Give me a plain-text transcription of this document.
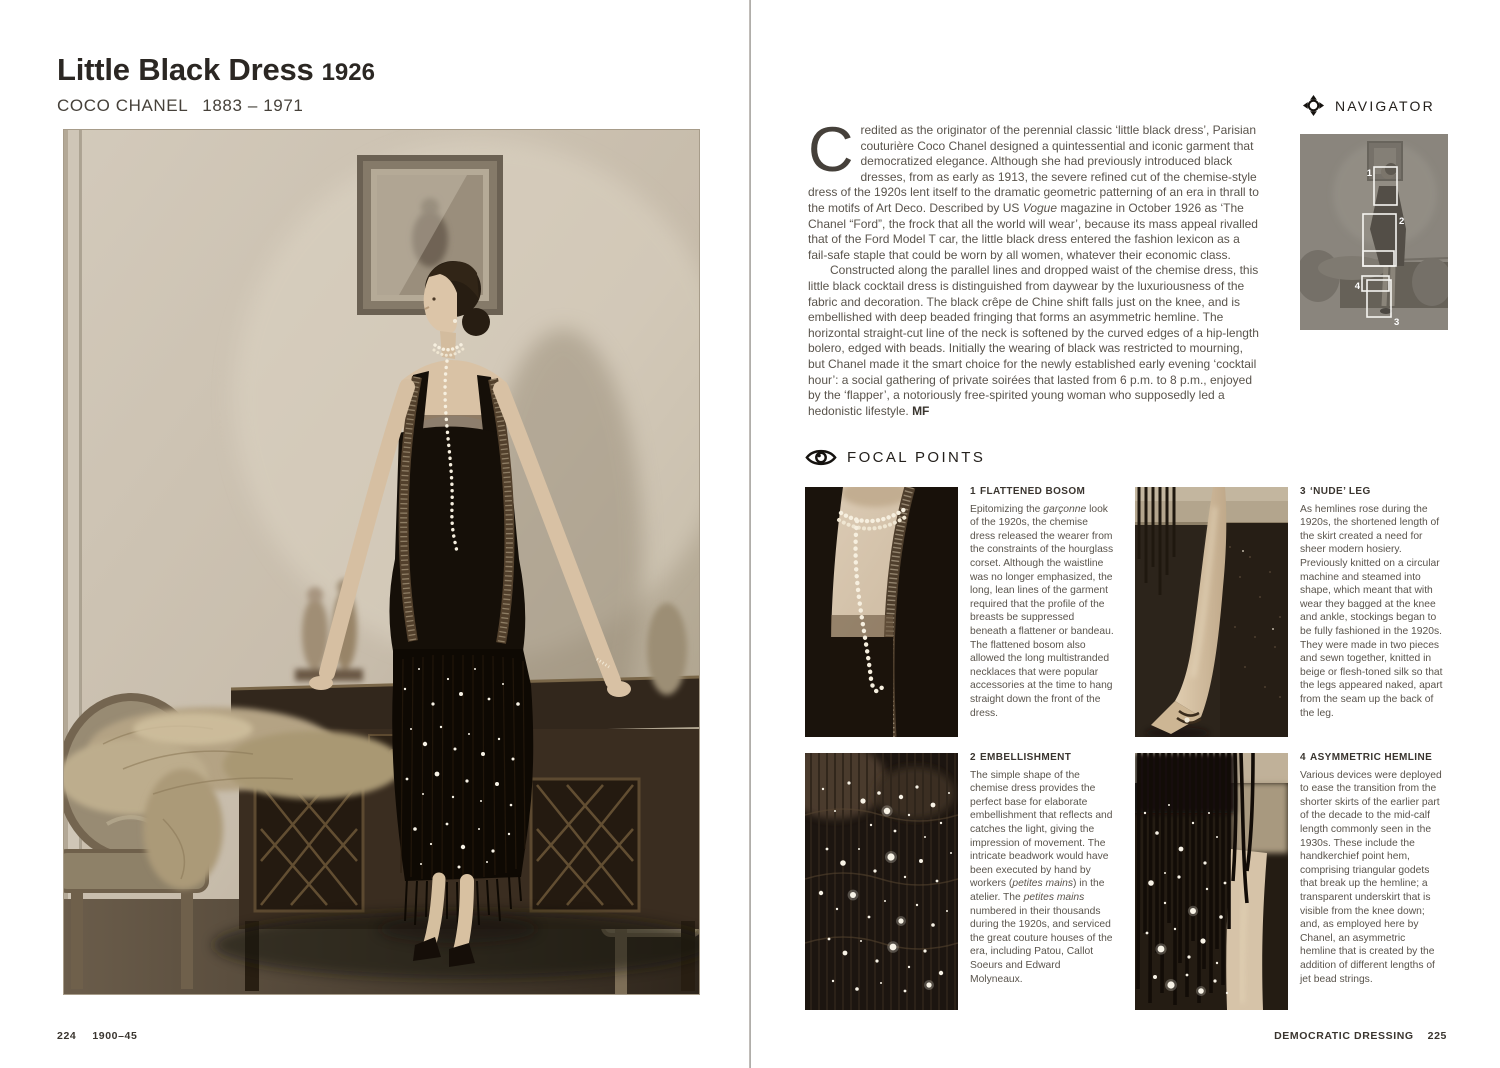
Little Black Dress 1926
COCO CHANEL 1883 – 1971
224 1900–45
NAVIGATOR
1
2
4
3
C redited as the originator of the perennial classic ‘little black dress’, Parisian couturière Coco Chanel designed a quintessential and iconic garment that democratized elegance. Although she had previously introduced black dresses, from as early as 1913, the severe refined cut of the chemise-style dress of the 1920s lent itself to the dramatic geometric patterning of an era in thrall to the motifs of Art Deco. Described by US Vogue magazine in October 1926 as ‘The Chanel “Ford”, the frock that all the world will wear’, because its mass appeal rivalled that of the Ford Model T car, the little black dress entered the fashion lexicon as a fail-safe staple that could be worn by all women, whatever their economic class.

Constructed along the parallel lines and dropped waist of the chemise dress, this little black cocktail dress is distinguished from daywear by the luxuriousness of the fabric and decoration. The black crêpe de Chine shift falls just on the knee, and is embellished with deep beaded fringing that forms an asymmetric hemline. The horizontal straight-cut line of the neck is softened by the curved edges of a hip-length bolero, edged with beads. Initially the wearing of black was restricted to mourning, but Chanel made it the smart choice for the newly established early evening ‘cocktail hour’: a social gathering of private soirées that lasted from 6 p.m. to 8 p.m., enjoyed by the ‘flapper’, a notoriously free-spirited young woman who supposedly led a hedonistic lifestyle. MF

FOCAL POINTS
1 FLATTENED BOSOM
Epitomizing the garçonne look of the 1920s, the chemise dress released the wearer from the constraints of the hourglass corset. Although the waistline was no longer emphasized, the long, lean lines of the garment required that the profile of the breasts be suppressed beneath a flattener or bandeau. The flattened bosom also allowed the long multistranded necklaces that were popular accessories at the time to hang straight down the front of the dress.
3 ‘NUDE’ LEG
As hemlines rose during the 1920s, the shortened length of the skirt created a need for sheer modern hosiery. Previously knitted on a circular machine and steamed into shape, which meant that with wear they bagged at the knee and ankle, stockings began to be fully fashioned in the 1920s. They were made in two pieces and sewn together, knitted in beige or flesh-toned silk so that the legs appeared naked, apart from the seam up the back of the leg.
2 EMBELLISHMENT
The simple shape of the chemise dress provides the perfect base for elaborate embellishment that reflects and catches the light, giving the impression of movement. The intricate beadwork would have been executed by hand by workers (petites mains) in the atelier. The petites mains numbered in their thousands during the 1920s, and serviced the great couture houses of the era, including Patou, Callot Soeurs and Edward Molyneaux.
4 ASYMMETRIC HEMLINE
Various devices were deployed to ease the transition from the shorter skirts of the earlier part of the decade to the mid-calf length commonly seen in the 1930s. These include the handkerchief point hem, comprising triangular godets that break up the hemline; a transparent underskirt that is visible from the knee down; and, as employed here by Chanel, an asymmetric hemline that is created by the addition of different lengths of jet bead strings.
DEMOCRATIC DRESSING 225
